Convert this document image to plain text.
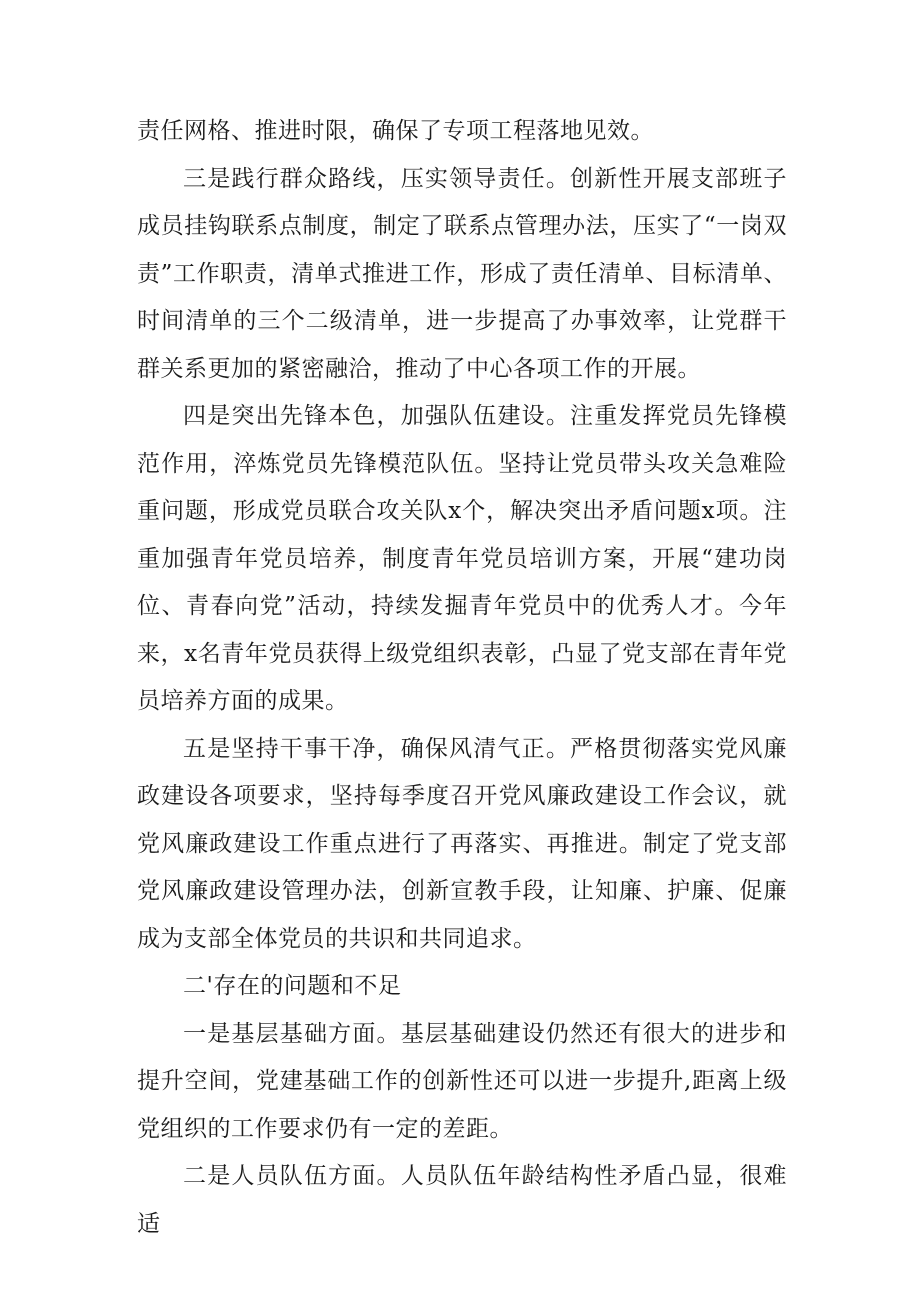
责任网格、推进时限，确保了专项工程落地见效。

三是践行群众路线，压实领导责任。创新性开展支部班子成员挂钩联系点制度，制定了联系点管理办法，压实了“一岗双责”工作职责，清单式推进工作，形成了责任清单、目标清单、时间清单的三个二级清单，进一步提高了办事效率，让党群干群关系更加的紧密融洽，推动了中心各项工作的开展。

四是突出先锋本色，加强队伍建设。注重发挥党员先锋模范作用，淬炼党员先锋模范队伍。坚持让党员带头攻关急难险重问题，形成党员联合攻关队x个，解决突出矛盾问题x项。注重加强青年党员培养，制度青年党员培训方案，开展“建功岗位、青春向党”活动，持续发掘青年党员中的优秀人才。今年来，x名青年党员获得上级党组织表彰，凸显了党支部在青年党员培养方面的成果。

五是坚持干事干净，确保风清气正。严格贯彻落实党风廉政建设各项要求，坚持每季度召开党风廉政建设工作会议，就党风廉政建设工作重点进行了再落实、再推进。制定了党支部党风廉政建设管理办法，创新宣教手段，让知廉、护廉、促廉成为支部全体党员的共识和共同追求。

二'存在的问题和不足

一是基层基础方面。基层基础建设仍然还有很大的进步和提升空间，党建基础工作的创新性还可以进一步提升,距离上级党组织的工作要求仍有一定的差距。

二是人员队伍方面。人员队伍年龄结构性矛盾凸显，很难适
